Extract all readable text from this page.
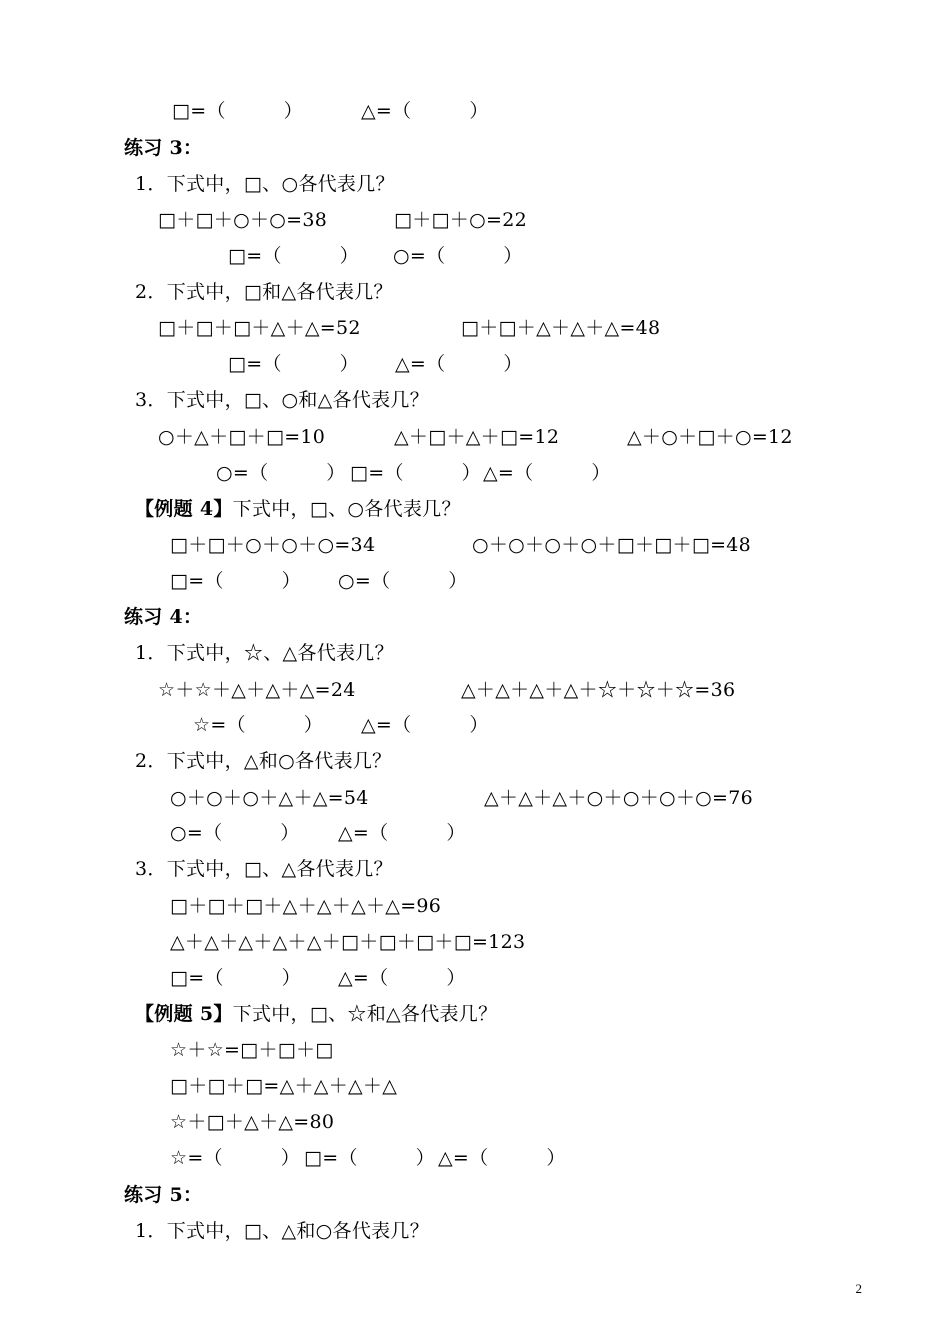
□=（　　　）	△=（　　　）
练习 3：
1．下式中，□、○各代表几？
□＋□＋○＋○=38	□＋□＋○=22
□=（　　　） ○=（　　　）
2．下式中，□和△各代表几？
□＋□＋□＋△＋△=52	□＋□＋△＋△＋△=48
□=（　　　） △=（　　　）
3．下式中，□、○和△各代表几？
○＋△＋□＋□=10	△＋□＋△＋□=12	△＋○＋□＋○=12
○=（　　　） □=（　　　） △=（　　　）
【例题 4】下式中，□、○各代表几？
□＋□＋○＋○＋○=34	○＋○＋○＋○＋□＋□＋□=48
□=（　　　） ○=（　　　）
练习 4：
1．下式中，☆、△各代表几？
☆＋☆＋△＋△＋△=24	△＋△＋△＋△＋☆＋☆＋☆=36
☆=（　　　） △=（　　　）
2．下式中，△和○各代表几？
○＋○＋○＋△＋△=54	△＋△＋△＋○＋○＋○＋○=76
○=（　　　） △=（　　　）
3．下式中，□、△各代表几？
□＋□＋□＋△＋△＋△＋△=96
△＋△＋△＋△＋△＋□＋□＋□＋□=123
□=（　　　） △=（　　　）
【例题 5】下式中，□、☆和△各代表几？
☆＋☆=□＋□＋□
□＋□＋□=△＋△＋△＋△
☆＋□＋△＋△=80
☆=（　　　） □=（　　　） △=（　　　）
练习 5：
1．下式中，□、△和○各代表几？
2
